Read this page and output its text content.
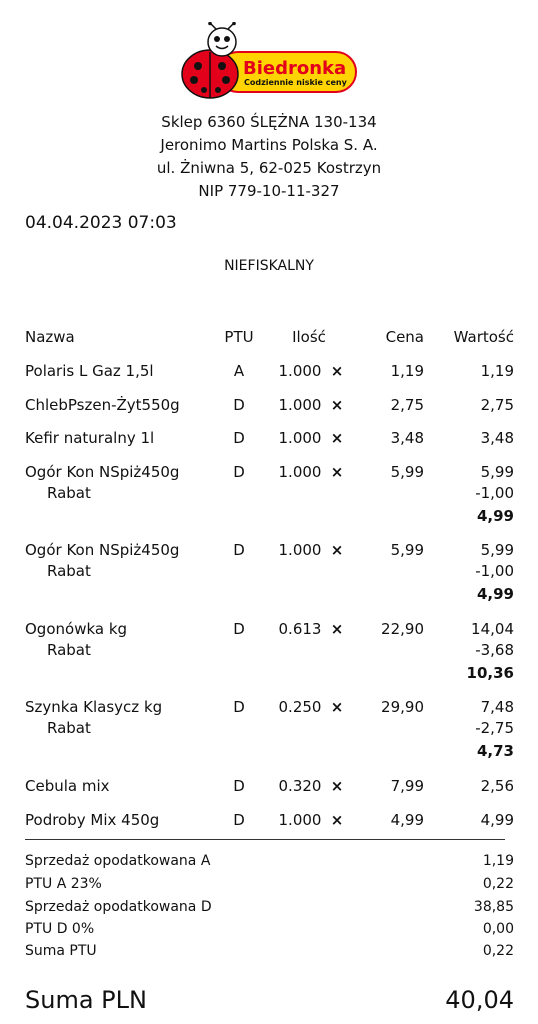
Biedronka
Codziennie niskie ceny
Sklep 6360 ŚLĘŻNA 130-134
Jeronimo Martins Polska S. A.
ul. Żniwna 5, 62-025 Kostrzyn
NIP 779-10-11-327
04.04.2023 07:03
NIEFISKALNY
Nazwa	PTU	Ilość	Cena	Wartość
Polaris L Gaz 1,5l	A	1.000 ×	1,19	1,19
ChlebPszen-Żyt550g	D	1.000 ×	2,75	2,75
Kefir naturalny 1l	D	1.000 ×	3,48	3,48
Ogór Kon NSpiż450g	D	1.000 ×	5,99	5,99
Rabat	-1,00
4,99
Ogór Kon NSpiż450g	D	1.000 ×	5,99	5,99
Rabat	-1,00
4,99
Ogonówka kg	D	0.613 ×	22,90	14,04
Rabat	-3,68
10,36
Szynka Klasycz kg	D	0.250 ×	29,90	7,48
Rabat	-2,75
4,73
Cebula mix	D	0.320 ×	7,99	2,56
Podroby Mix 450g	D	1.000 ×	4,99	4,99
Sprzedaż opodatkowana A	1,19
PTU A 23%	0,22
Sprzedaż opodatkowana D	38,85
PTU D 0%	0,00
Suma PTU	0,22
Suma PLN	40,04
